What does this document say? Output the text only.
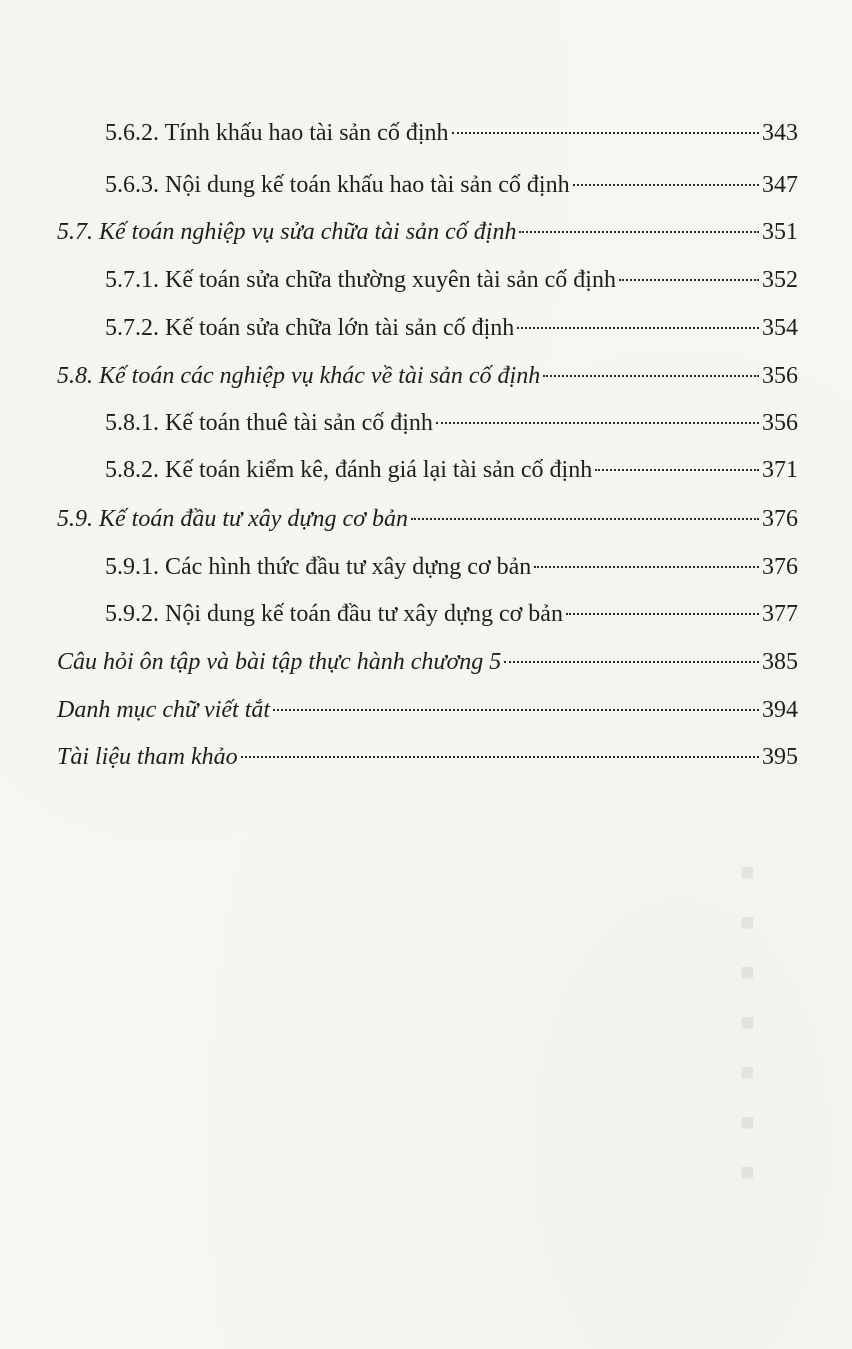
■
■
■
■
■
■
■
5.6.2. Tính khấu hao tài sản cố định	343
5.6.3. Nội dung kế toán khấu hao tài sản cố định	347
5.7. Kế toán nghiệp vụ sửa chữa tài sản cố định	351
5.7.1. Kế toán sửa chữa thường xuyên tài sản cố định	352
5.7.2. Kế toán sửa chữa lớn tài sản cố định	354
5.8. Kế toán các nghiệp vụ khác về tài sản cố định	356
5.8.1. Kế toán thuê tài sản cố định	356
5.8.2. Kế toán kiểm kê, đánh giá lại tài sản cố định	371
5.9. Kế toán đầu tư xây dựng cơ bản	376
5.9.1. Các hình thức đầu tư xây dựng cơ bản	376
5.9.2. Nội dung kế toán đầu tư xây dựng cơ bản	377
Câu hỏi ôn tập và bài tập thực hành chương 5	385
Danh mục chữ viết tắt	394
Tài liệu tham khảo	395
